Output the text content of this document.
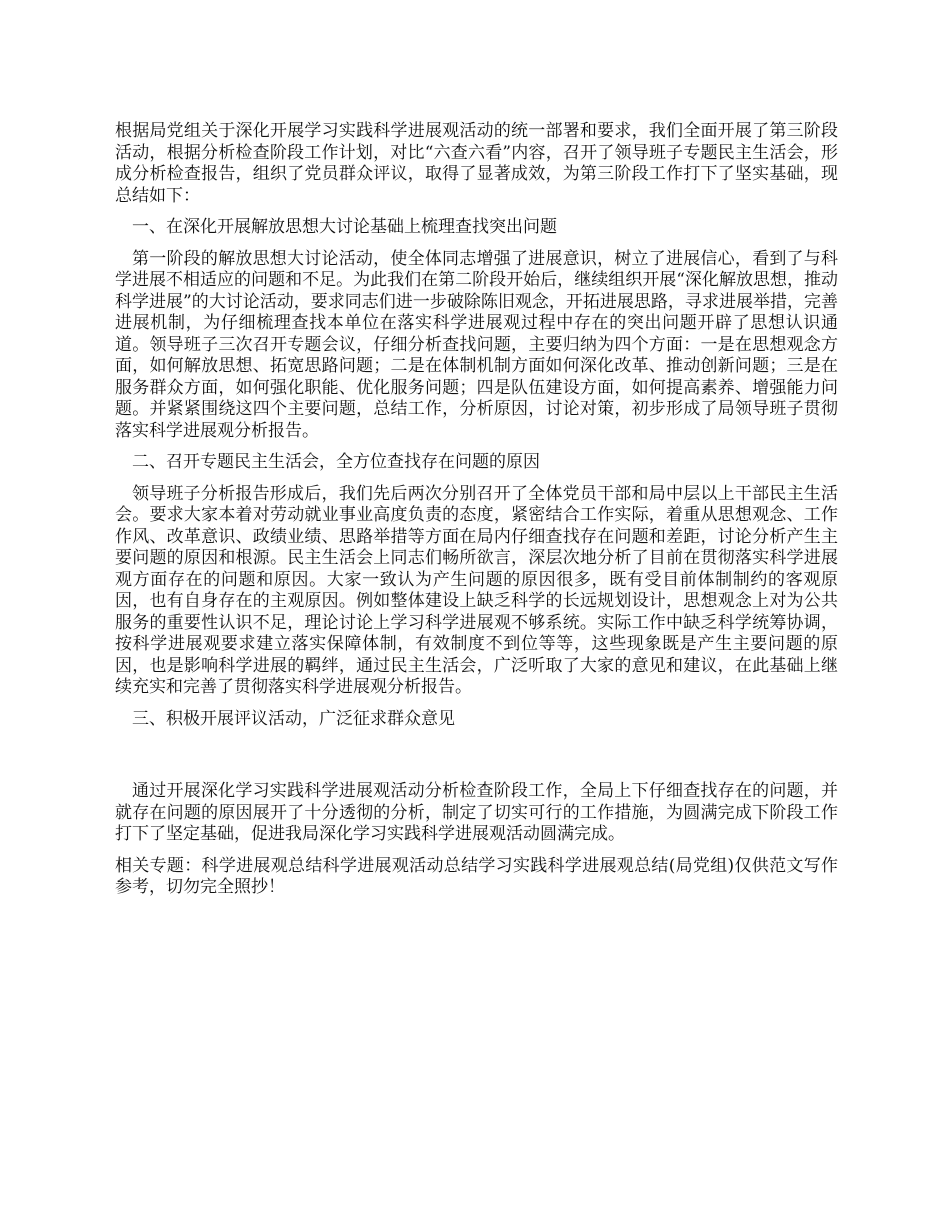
根据局党组关于深化开展学习实践科学进展观活动的统一部署和要求，我们全面开展了第三阶段活动，根据分析检查阶段工作计划，对比“六查六看”内容，召开了领导班子专题民主生活会，形成分析检查报告，组织了党员群众评议，取得了显著成效，为第三阶段工作打下了坚实基础，现总结如下：

一、在深化开展解放思想大讨论基础上梳理查找突出问题

第一阶段的解放思想大讨论活动，使全体同志增强了进展意识，树立了进展信心，看到了与科学进展不相适应的问题和不足。为此我们在第二阶段开始后，继续组织开展“深化解放思想，推动科学进展”的大讨论活动，要求同志们进一步破除陈旧观念，开拓进展思路，寻求进展举措，完善进展机制，为仔细梳理查找本单位在落实科学进展观过程中存在的突出问题开辟了思想认识通道。领导班子三次召开专题会议，仔细分析查找问题，主要归纳为四个方面：一是在思想观念方面，如何解放思想、拓宽思路问题；二是在体制机制方面如何深化改革、推动创新问题；三是在服务群众方面，如何强化职能、优化服务问题；四是队伍建设方面，如何提高素养、增强能力问题。并紧紧围绕这四个主要问题，总结工作，分析原因，讨论对策，初步形成了局领导班子贯彻落实科学进展观分析报告。

二、召开专题民主生活会，全方位查找存在问题的原因

领导班子分析报告形成后，我们先后两次分别召开了全体党员干部和局中层以上干部民主生活会。要求大家本着对劳动就业事业高度负责的态度，紧密结合工作实际，着重从思想观念、工作作风、改革意识、政绩业绩、思路举措等方面在局内仔细查找存在问题和差距，讨论分析产生主要问题的原因和根源。民主生活会上同志们畅所欲言，深层次地分析了目前在贯彻落实科学进展观方面存在的问题和原因。大家一致认为产生问题的原因很多，既有受目前体制制约的客观原因，也有自身存在的主观原因。例如整体建设上缺乏科学的长远规划设计，思想观念上对为公共服务的重要性认识不足，理论讨论上学习科学进展观不够系统。实际工作中缺乏科学统筹协调，按科学进展观要求建立落实保障体制，有效制度不到位等等，这些现象既是产生主要问题的原因，也是影响科学进展的羁绊，通过民主生活会，广泛听取了大家的意见和建议，在此基础上继续充实和完善了贯彻落实科学进展观分析报告。

三、积极开展评议活动，广泛征求群众意见

通过开展深化学习实践科学进展观活动分析检查阶段工作，全局上下仔细查找存在的问题，并就存在问题的原因展开了十分透彻的分析，制定了切实可行的工作措施，为圆满完成下阶段工作打下了坚定基础，促进我局深化学习实践科学进展观活动圆满完成。

相关专题：科学进展观总结科学进展观活动总结学习实践科学进展观总结(局党组)仅供范文写作参考，切勿完全照抄！
